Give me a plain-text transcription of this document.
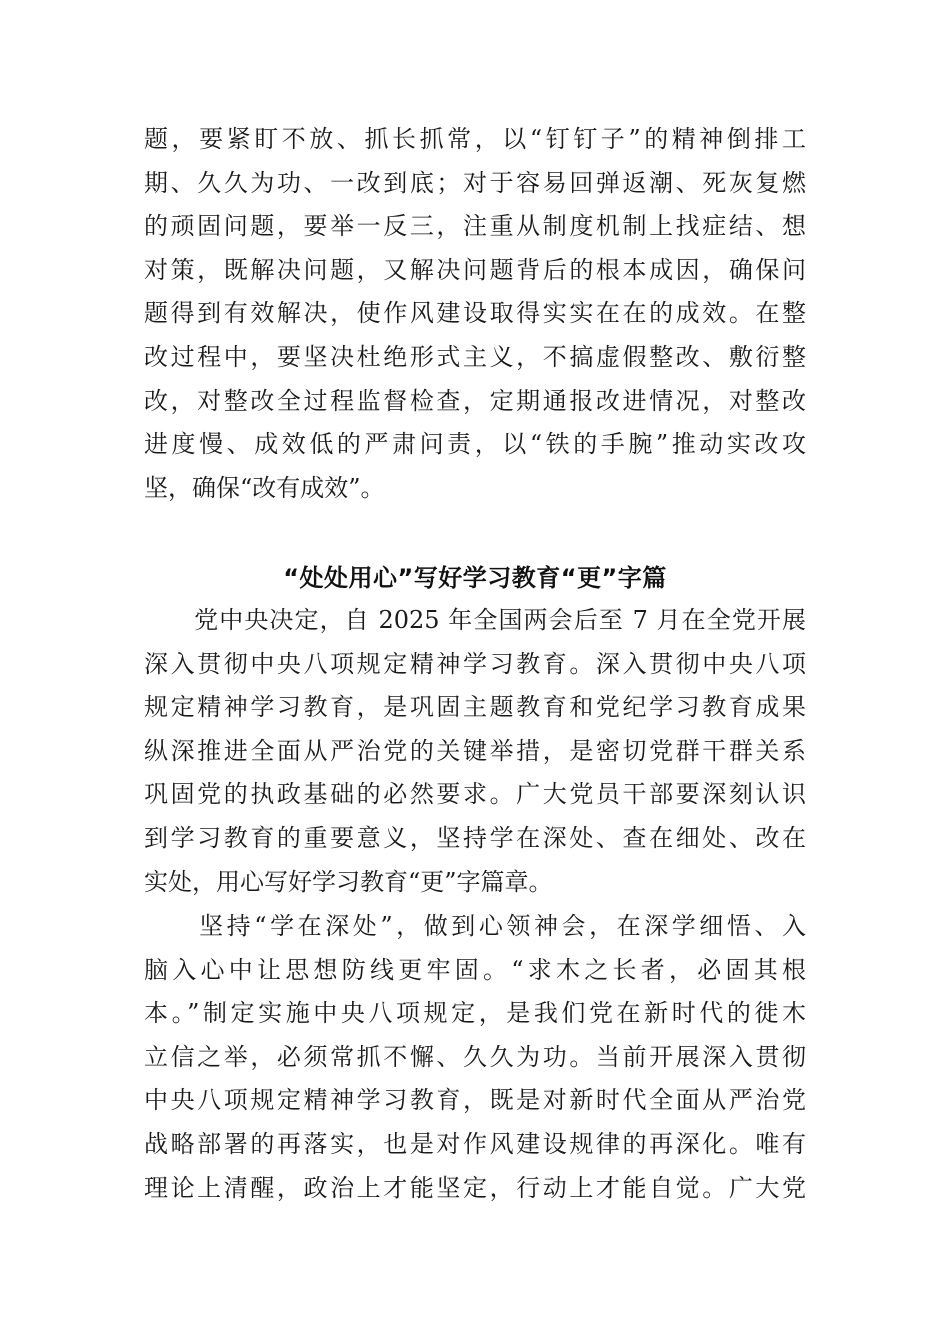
题，要紧盯不放、抓长抓常，以“钉钉子”的精神倒排工
期、久久为功、一改到底；对于容易回弹返潮、死灰复燃
的顽固问题，要举一反三，注重从制度机制上找症结、想
对策，既解决问题，又解决问题背后的根本成因，确保问
题得到有效解决，使作风建设取得实实在在的成效。在整
改过程中，要坚决杜绝形式主义，不搞虚假整改、敷衍整
改，对整改全过程监督检查，定期通报改进情况，对整改
进度慢、成效低的严肃问责，以“铁的手腕”推动实改攻
坚，确保“改有成效”。
“处处用心”写好学习教育“更”字篇
　　党中央决定，自 2025 年全国两会后至 7 月在全党开展
深入贯彻中央八项规定精神学习教育。深入贯彻中央八项
规定精神学习教育，是巩固主题教育和党纪学习教育成果
纵深推进全面从严治党的关键举措，是密切党群干群关系
巩固党的执政基础的必然要求。广大党员干部要深刻认识
到学习教育的重要意义，坚持学在深处、查在细处、改在
实处，用心写好学习教育“更”字篇章。
　　坚持“学在深处”，做到心领神会，在深学细悟、入
脑入心中让思想防线更牢固。“求木之长者，必固其根
本。”制定实施中央八项规定，是我们党在新时代的徙木
立信之举，必须常抓不懈、久久为功。当前开展深入贯彻
中央八项规定精神学习教育，既是对新时代全面从严治党
战略部署的再落实，也是对作风建设规律的再深化。唯有
理论上清醒，政治上才能坚定，行动上才能自觉。广大党
